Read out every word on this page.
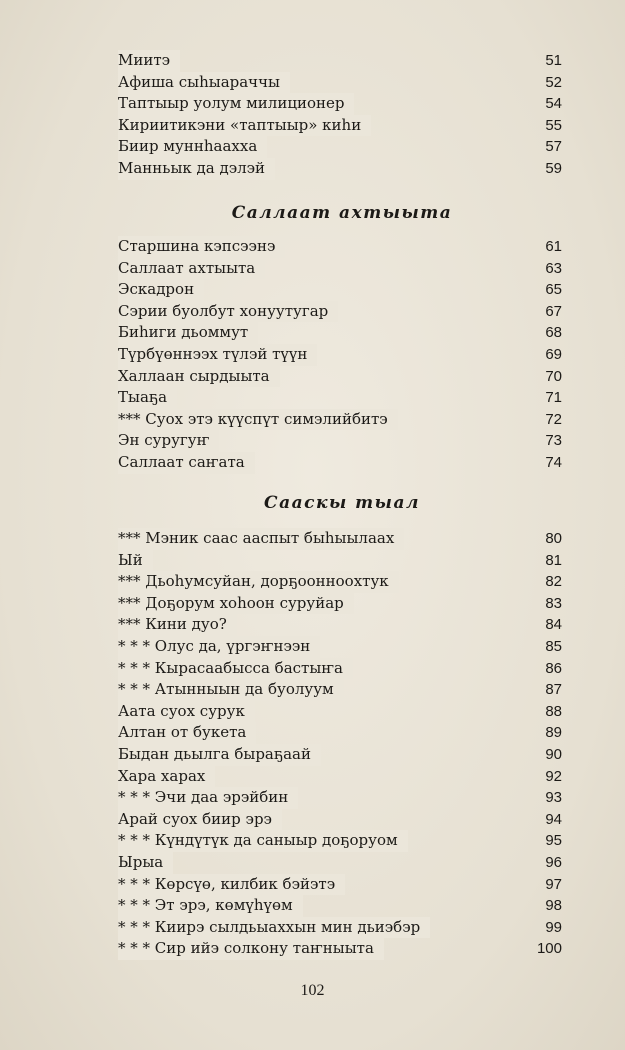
Миитэ	51
Афиша сыһыараччы	52
Таптыыр уолум милиционер	54
Кириитикэни «таптыыр» киһи	55
Биир муннһаахха	57
Манньык да дэлэй	59
Саллаат ахтыыта
Старшина кэпсээнэ	61
Саллаат ахтыыта	63
Эскадрон	65
Сэрии буолбут хонуутугар	67
Биһиги дьоммут	68
Түрбүөннээх түлэй түүн	69
Халлаан сырдыыта	70
Тыаҕа	71
*** Суох этэ күүспүт симэлийбитэ	72
Эн суругуҥ	73
Саллаат саҥата	74
Сааскы тыал
*** Мэник саас ааспыт быһыылаах	80
Ый	81
*** Дьоһумсуйан, дорҕоонноохтук	82
*** Доҕорум хоһоон суруйар	83
*** Кини дуо?	84
* * * Олус да, үргэҥнээн	85
* * * Кырасаабысса бастыҥа	86
* * * Атынныын да буолуум	87
Аата суох сурук	88
Алтан от букета	89
Быдан дьылга быраҕаай	90
Хара харах	92
* * * Эчи даа эрэйбин	93
Арай суох биир эрэ	94
* * * Күндүтүк да саныыр доҕоруом	95
Ырыа	96
* * * Көрсүө, килбик бэйэтэ	97
* * * Эт эрэ, көмүһүөм	98
* * * Киирэ сылдьыаххын мин дьиэбэр	99
* * * Сир ийэ солкону таҥныыта	100
102
